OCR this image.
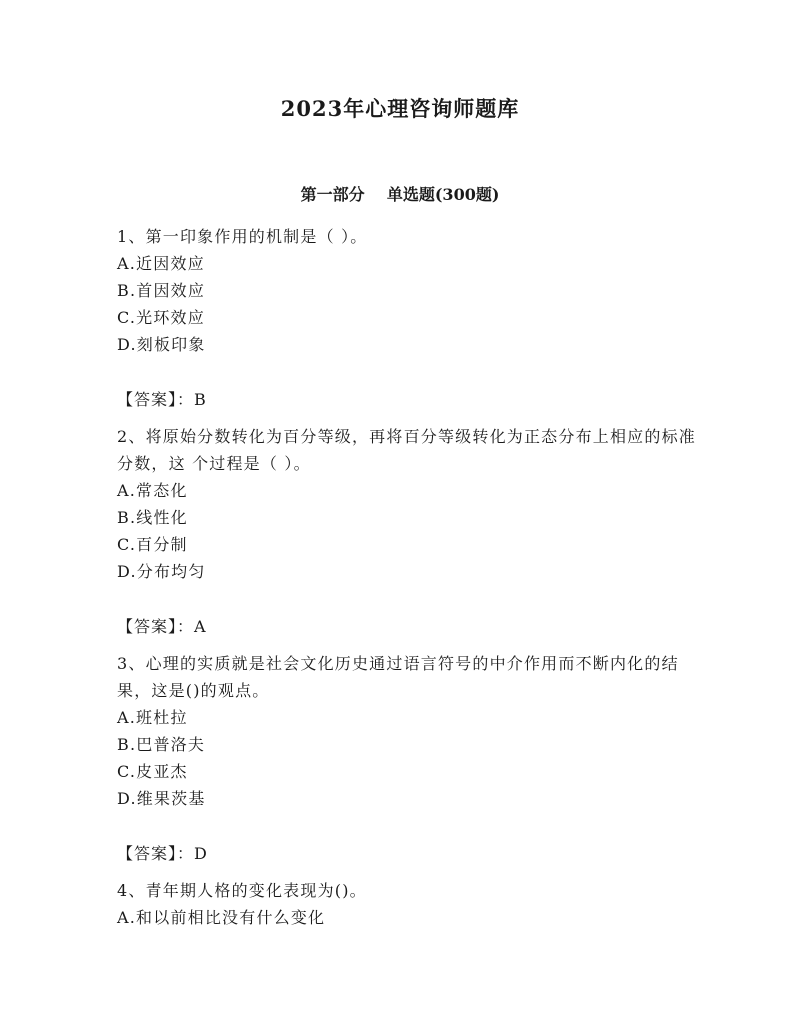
2023年心理咨询师题库
第一部分    单选题(300题)

1、第一印象作用的机制是（ ）。

A.近因效应
B.首因效应
C.光环效应
D.刻板印象

【答案】：B

2、将原始分数转化为百分等级，再将百分等级转化为正态分布上相应的标准分数，这 个过程是（ ）。

A.常态化
B.线性化
C.百分制
D.分布均匀

【答案】：A

3、心理的实质就是社会文化历史通过语言符号的中介作用而不断内化的结果，这是()的观点。

A.班杜拉
B.巴普洛夫
C.皮亚杰
D.维果茨基

【答案】：D

4、青年期人格的变化表现为()。

A.和以前相比没有什么变化
